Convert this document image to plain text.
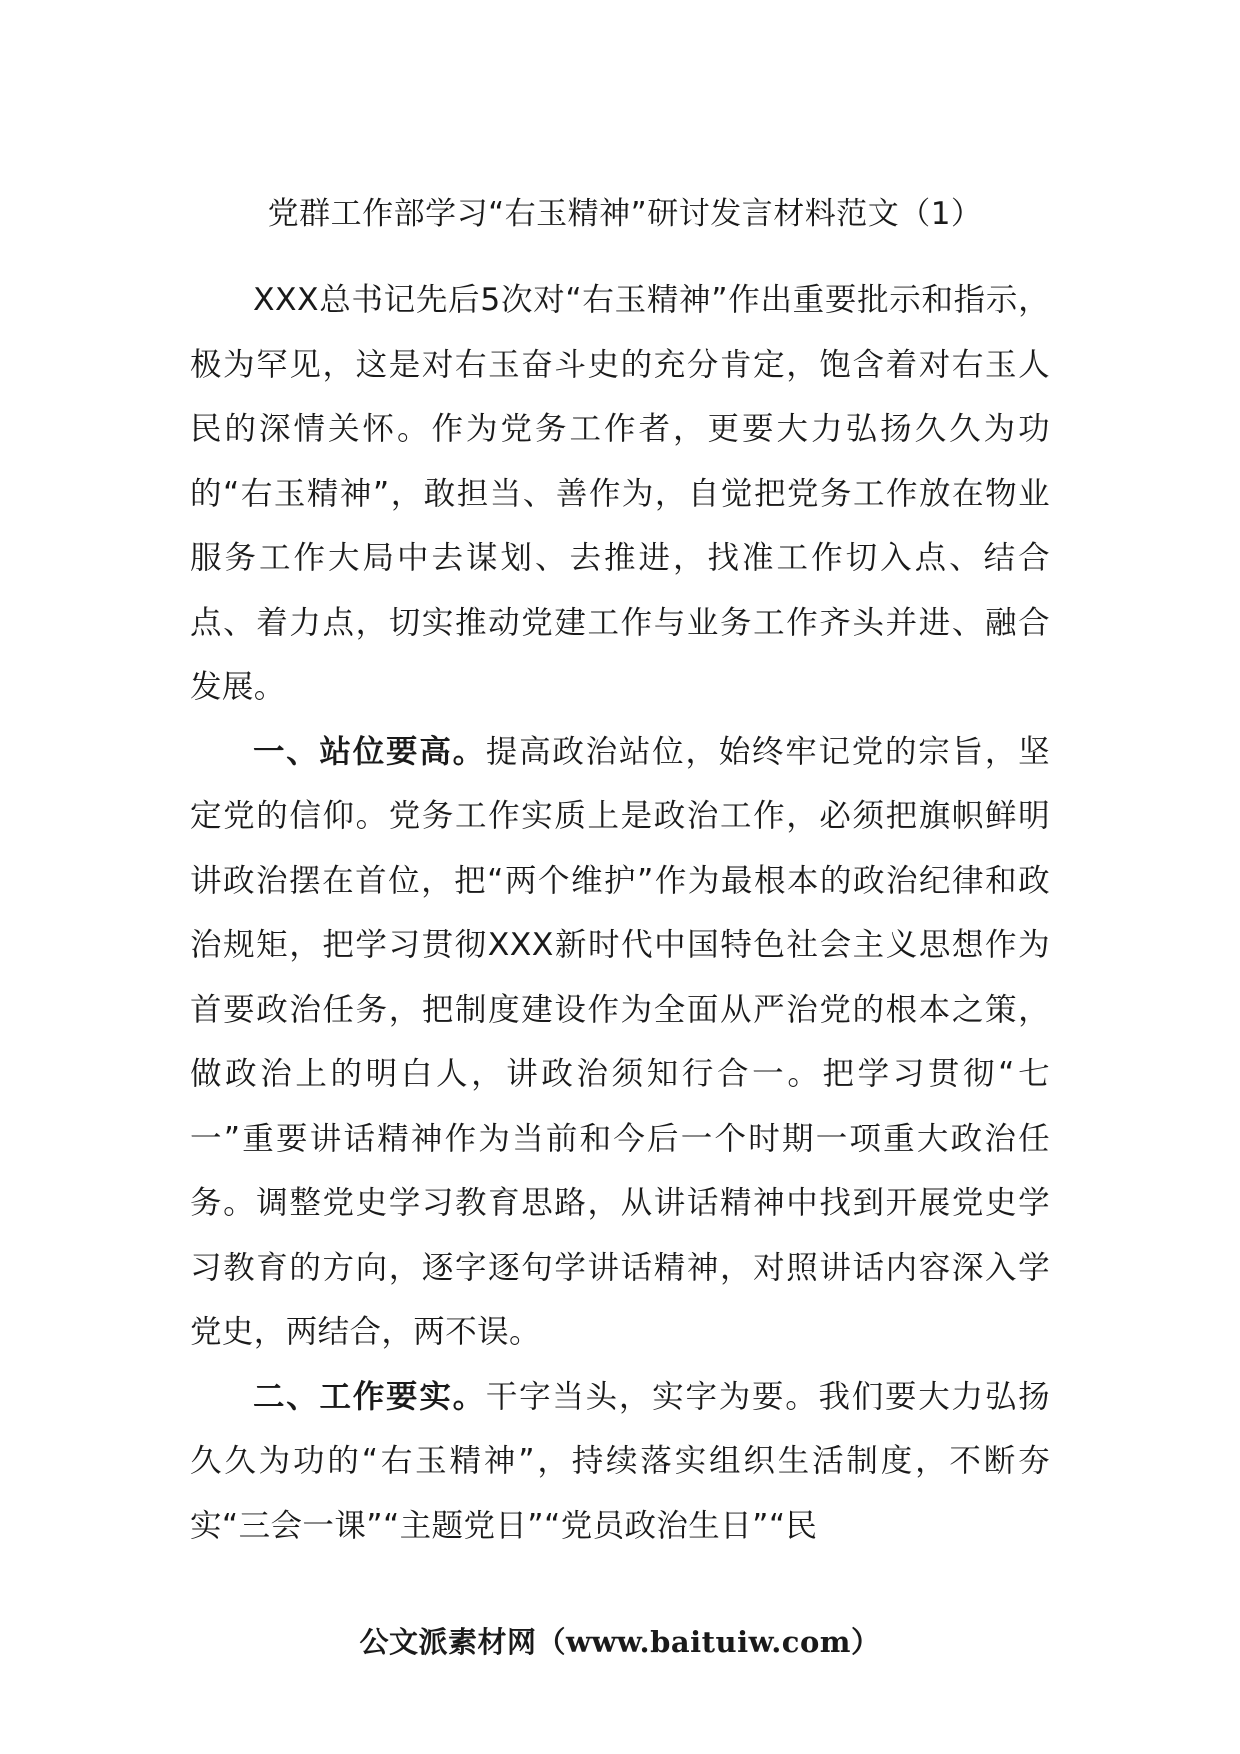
党群工作部学习“右玉精神”研讨发言材料范文（1）

XXX总书记先后5次对“右玉精神”作出重要批示和指示，极为罕见，这是对右玉奋斗史的充分肯定，饱含着对右玉人民的深情关怀。作为党务工作者，更要大力弘扬久久为功的“右玉精神”，敢担当、善作为，自觉把党务工作放在物业服务工作大局中去谋划、去推进，找准工作切入点、结合点、着力点，切实推动党建工作与业务工作齐头并进、融合发展。

一、站位要高。提高政治站位，始终牢记党的宗旨，坚定党的信仰。党务工作实质上是政治工作，必须把旗帜鲜明讲政治摆在首位，把“两个维护”作为最根本的政治纪律和政治规矩，把学习贯彻XXX新时代中国特色社会主义思想作为首要政治任务，把制度建设作为全面从严治党的根本之策，做政治上的明白人，讲政治须知行合一。把学习贯彻“七一”重要讲话精神作为当前和今后一个时期一项重大政治任务。调整党史学习教育思路，从讲话精神中找到开展党史学习教育的方向，逐字逐句学讲话精神，对照讲话内容深入学党史，两结合，两不误。

二、工作要实。干字当头，实字为要。我们要大力弘扬久久为功的“右玉精神”，持续落实组织生活制度，不断夯实“三会一课”“主题党日”“党员政治生日”“民

公文派素材网（www.baituiw.com）
